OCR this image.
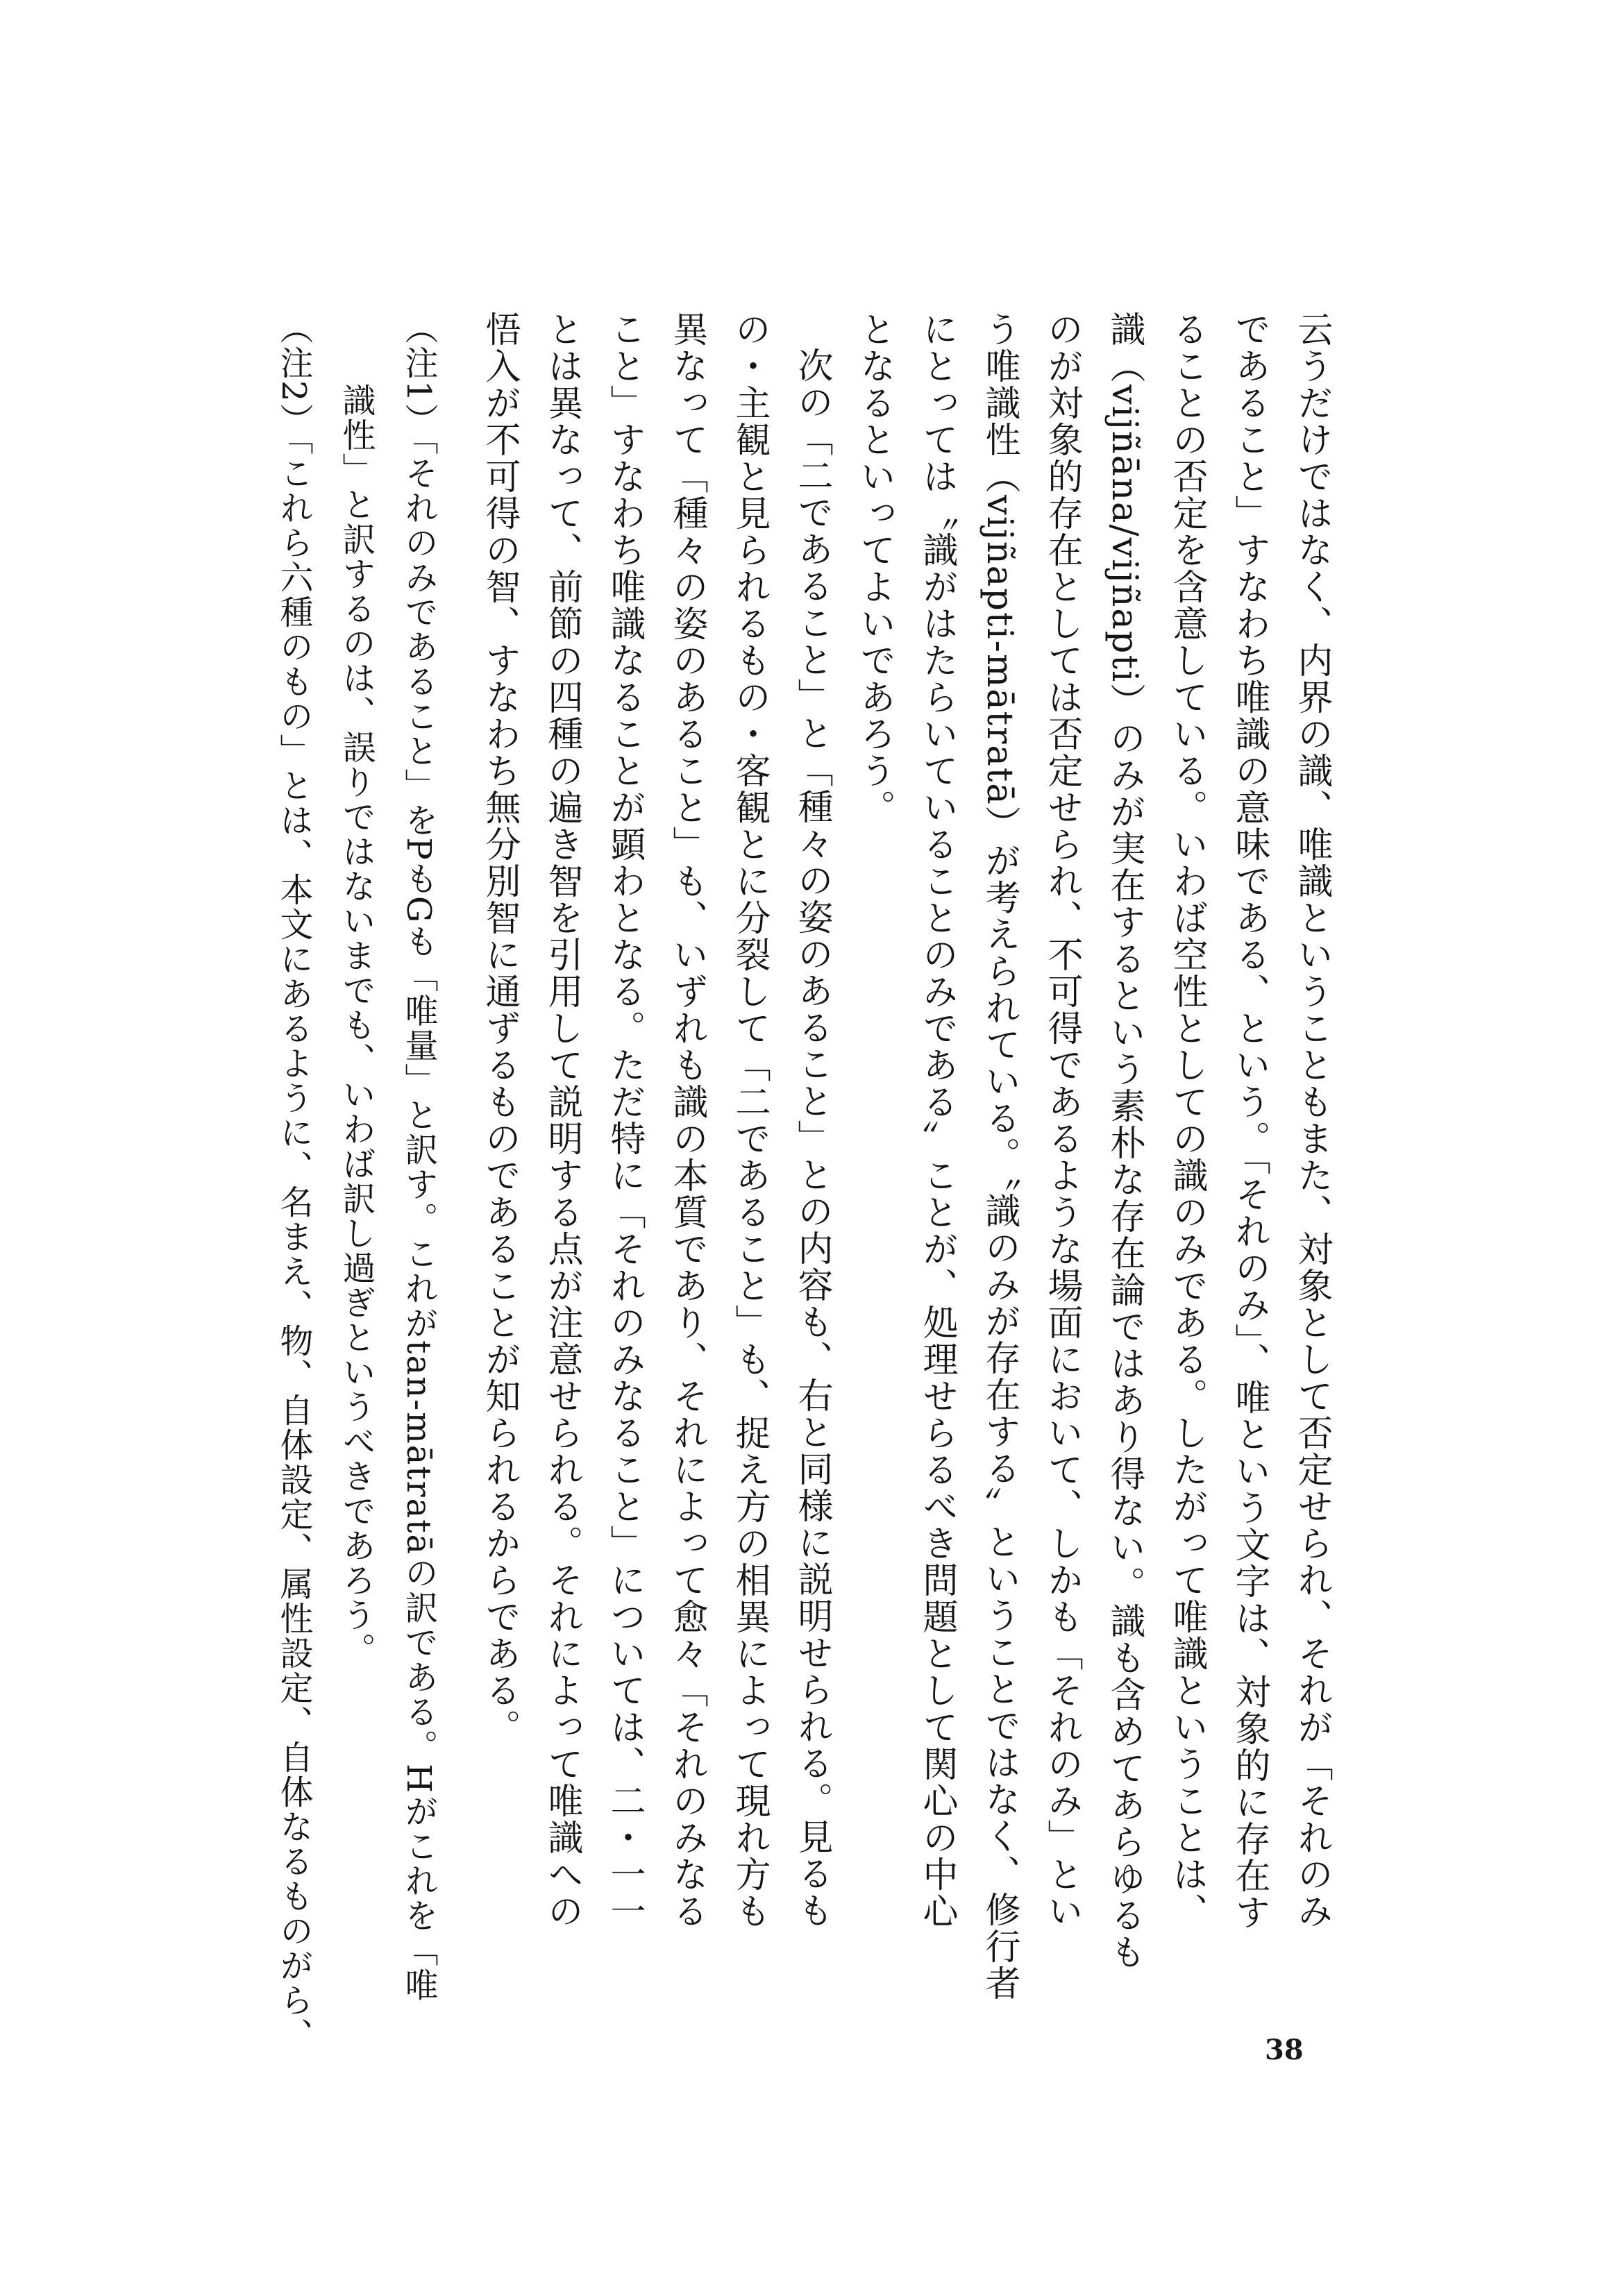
云うだけではなく、内界の識、唯識ということもまた、対象として否定せられ、それが「それのみ

であること」すなわち唯識の意味である、という。「それのみ」、唯という文字は、対象的に存在す

ることの否定を含意している。いわば空性としての識のみである。したがって唯識ということは、

識（vijñāna/vijñapti）のみが実在するという素朴な存在論ではあり得ない。識も含めてあらゆるも

のが対象的存在としては否定せられ、不可得であるような場面において、しかも「それのみ」とい

う唯識性（vijñapti-mātratā）が考えられている。〝識のみが存在する〟ということではなく、修行者

にとっては〝識がはたらいていることのみである〟ことが、処理せらるべき問題として関心の中心

となるといってよいであろう。

次の「二であること」と「種々の姿のあること」との内容も、右と同様に説明せられる。見るも

の・主観と見られるもの・客観とに分裂して「二であること」も、捉え方の相異によって現れ方も

異なって「種々の姿のあること」も、いずれも識の本質であり、それによって愈々「それのみなる

こと」すなわち唯識なることが顕わとなる。ただ特に「それのみなること」については、二・一一

とは異なって、前節の四種の遍き智を引用して説明する点が注意せられる。それによって唯識への

悟入が不可得の智、すなわち無分別智に通ずるものであることが知られるからである。

（注1）「それのみであること」をPもGも「唯量」と訳す。これがtan-mātratāの訳である。Hがこれを「唯

識性」と訳するのは、誤りではないまでも、いわば訳し過ぎというべきであろう。

（注2）「これら六種のもの」とは、本文にあるように、名まえ、物、自体設定、属性設定、自体なるものがら、	38
